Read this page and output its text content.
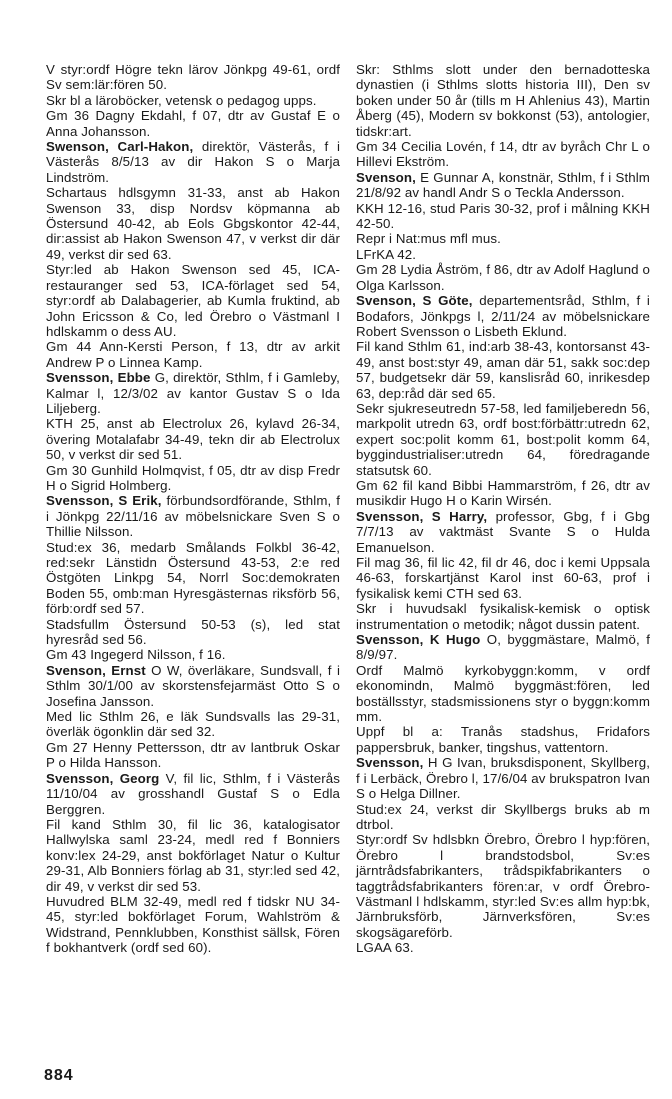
V styr:ordf Högre tekn lärov Jönkpg 49-61, ordf Sv sem:lär:fören 50.

Skr bl a läroböcker, vetensk o pedagog upps.

Gm 36 Dagny Ekdahl, f 07, dtr av Gustaf E o Anna Johansson.

Swenson, Carl-Hakon, direktör, Västerås, f i Västerås 8/5/13 av dir Hakon S o Marja Lindström.

Schartaus hdlsgymn 31-33, anst ab Hakon Swenson 33, disp Nordsv köpmanna ab Östersund 40-42, ab Eols Gbgskontor 42-44, dir:assist ab Hakon Swenson 47, v verkst dir där 49, verkst dir sed 63.

Styr:led ab Hakon Swenson sed 45, ICA-restauranger sed 53, ICA-förlaget sed 54, styr:ordf ab Dalabagerier, ab Kumla fruktind, ab John Ericsson & Co, led Örebro o Västmanl I hdlskamm o dess AU.

Gm 44 Ann-Kersti Person, f 13, dtr av arkit Andrew P o Linnea Kamp.

Svensson, Ebbe G, direktör, Sthlm, f i Gamleby, Kalmar l, 12/3/02 av kantor Gustav S o Ida Liljeberg.

KTH 25, anst ab Electrolux 26, kylavd 26-34, övering Motalafabr 34-49, tekn dir ab Electrolux 50, v verkst dir sed 51.

Gm 30 Gunhild Holmqvist, f 05, dtr av disp Fredr H o Sigrid Holmberg.

Svensson, S Erik, förbundsordförande, Sthlm, f i Jönkpg 22/11/16 av möbelsnickare Sven S o Thillie Nilsson.

Stud:ex 36, medarb Smålands Folkbl 36-42, red:sekr Länstidn Östersund 43-53, 2:e red Östgöten Linkpg 54, Norrl Soc:demokraten Boden 55, omb:man Hyresgästernas riksförb 56, förb:ordf sed 57.

Stadsfullm Östersund 50-53 (s), led stat hyresråd sed 56.

Gm 43 Ingegerd Nilsson, f 16.

Svenson, Ernst O W, överläkare, Sundsvall, f i Sthlm 30/1/00 av skorstensfejarmäst Otto S o Josefina Jansson.

Med lic Sthlm 26, e läk Sundsvalls las 29-31, överläk ögonklin där sed 32.

Gm 27 Henny Pettersson, dtr av lantbruk Oskar P o Hilda Hansson.

Svensson, Georg V, fil lic, Sthlm, f i Västerås 11/10/04 av grosshandl Gustaf S o Edla Berggren.

Fil kand Sthlm 30, fil lic 36, katalogisator Hallwylska saml 23-24, medl red f Bonniers konv:lex 24-29, anst bokförlaget Natur o Kultur 29-31, Alb Bonniers förlag ab 31, styr:led sed 42, dir 49, v verkst dir sed 53.

Huvudred BLM 32-49, medl red f tidskr NU 34-45, styr:led bokförlaget Forum, Wahlström & Widstrand, Pennklubben, Konsthist sällsk, Fören f bokhantverk (ordf sed 60).

Skr: Sthlms slott under den bernadotteska dynastien (i Sthlms slotts historia III), Den sv boken under 50 år (tills m H Ahlenius 43), Martin Åberg (45), Modern sv bokkonst (53), antologier, tidskr:art.

Gm 34 Cecilia Lovén, f 14, dtr av byråch Chr L o Hillevi Ekström.

Svenson, E Gunnar A, konstnär, Sthlm, f i Sthlm 21/8/92 av handl Andr S o Teckla Andersson.

KKH 12-16, stud Paris 30-32, prof i målning KKH 42-50.

Repr i Nat:mus mfl mus.

LFrKA 42.

Gm 28 Lydia Åström, f 86, dtr av Adolf Haglund o Olga Karlsson.

Svenson, S Göte, departementsråd, Sthlm, f i Bodafors, Jönkpgs l, 2/11/24 av möbelsnickare Robert Svensson o Lisbeth Eklund.

Fil kand Sthlm 61, ind:arb 38-43, kontorsanst 43-49, anst bost:styr 49, aman där 51, sakk soc:dep 57, budgetsekr där 59, kanslisråd 60, inrikesdep 63, dep:råd där sed 65.

Sekr sjukreseutredn 57-58, led familjeberedn 56, markpolit utredn 63, ordf bost:förbättr:utredn 62, expert soc:polit komm 61, bost:polit komm 64, byggindustrialiser:utredn 64, föredragande statsutsk 60.

Gm 62 fil kand Bibbi Hammarström, f 26, dtr av musikdir Hugo H o Karin Wirsén.

Svensson, S Harry, professor, Gbg, f i Gbg 7/7/13 av vaktmäst Svante S o Hulda Emanuelson.

Fil mag 36, fil lic 42, fil dr 46, doc i kemi Uppsala 46-63, forskartjänst Karol inst 60-63, prof i fysikalisk kemi CTH sed 63.

Skr i huvudsakl fysikalisk-kemisk o optisk instrumentation o metodik; något dussin patent.

Svensson, K Hugo O, byggmästare, Malmö, f 8/9/97.

Ordf Malmö kyrkobyggn:komm, v ordf ekonomindn, Malmö byggmäst:fören, led boställsstyr, stadsmissionens styr o byggn:komm mm.

Uppf bl a: Tranås stadshus, Fridafors pappersbruk, banker, tingshus, vattentorn.

Svensson, H G Ivan, bruksdisponent, Skyllberg, f i Lerbäck, Örebro l, 17/6/04 av brukspatron Ivan S o Helga Dillner.

Stud:ex 24, verkst dir Skyllbergs bruks ab m dtrbol.

Styr:ordf Sv hdlsbkn Örebro, Örebro l hyp:fören, Örebro l brandstodsbol, Sv:es järntrådsfabrikanters, trådspikfabrikanters o taggtrådsfabrikanters fören:ar, v ordf Örebro-Västmanl l hdlskamm, styr:led Sv:es allm hyp:bk, Järnbruksförb, Järnverksfören, Sv:es skogsägareförb.

LGAA 63.

884
